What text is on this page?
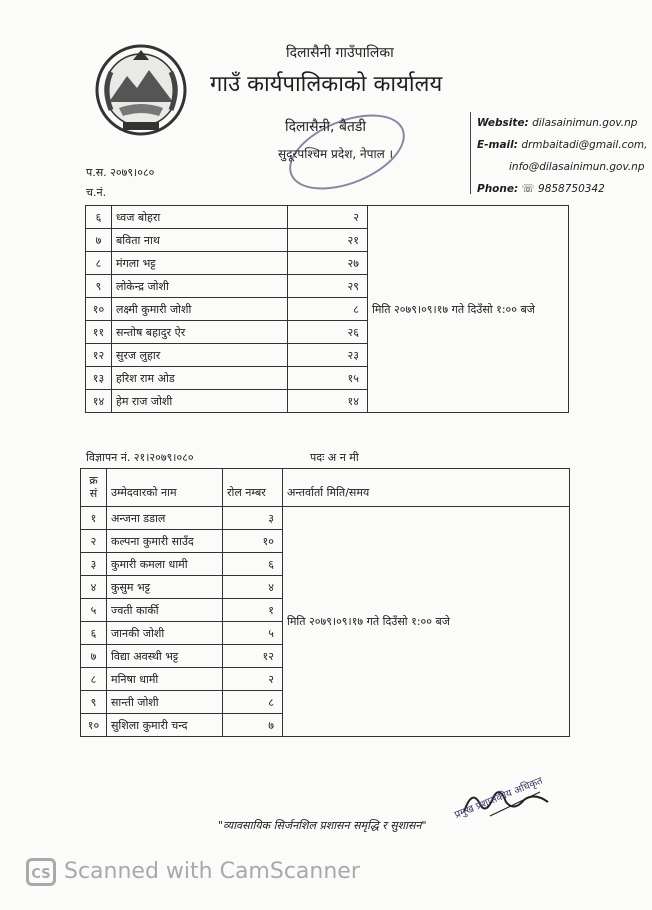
दिलासैनी गाउँपालिका
गाउँ कार्यपालिकाको कार्यालय
दिलासैनी, बैतडी
सुदूरपश्चिम प्रदेश, नेपाल ।
Website: dilasainimun.gov.np
E-mail: drmbaitadi@gmail.com,
info@dilasainimun.gov.np
Phone: ☏ 9858750342
प.स. २०७९।०८०
च.नं.
६	ध्वज बोहरा	२	मिति २०७९।०९।१७ गते दिउँसो १:०० बजे
७	बविता नाथ	२१	
८	मंगला भट्ट	२७	
९	लोकेन्द्र जोशी	२९	
१०	लक्ष्मी कुमारी जोशी	८	
११	सन्तोष बहादुर ऐर	२६	
१२	सुरज लुहार	२३	
१३	हरिश राम ओड	१५	
१४	हेम राज जोशी	१४	
विज्ञापन नं. २१।२०७९।०८०	पदः अ न मी
क्र सं	उम्मेदवारको नाम	रोल नम्बर	अन्तर्वार्ता मिति/समय
१	अन्जना डडाल	३	मिति २०७९।०९।१७ गते दिउँसो १:०० बजे
२	कल्पना कुमारी साउँद	१०	
३	कुमारी कमला धामी	६	
४	कुसुम भट्ट	४	
५	ज्वती कार्की	१	
६	जानकी जोशी	५	
७	विद्या अवस्थी भट्ट	१२	
८	मनिषा धामी	२	
९	सान्ती जोशी	८	
१०	सुशिला कुमारी चन्द	७	
प्रमुख प्रशासकीय अधिकृत
"व्यावसायिक सिर्जनशिल प्रशासन समृद्धि र सुशासन"
CS Scanned with CamScanner
